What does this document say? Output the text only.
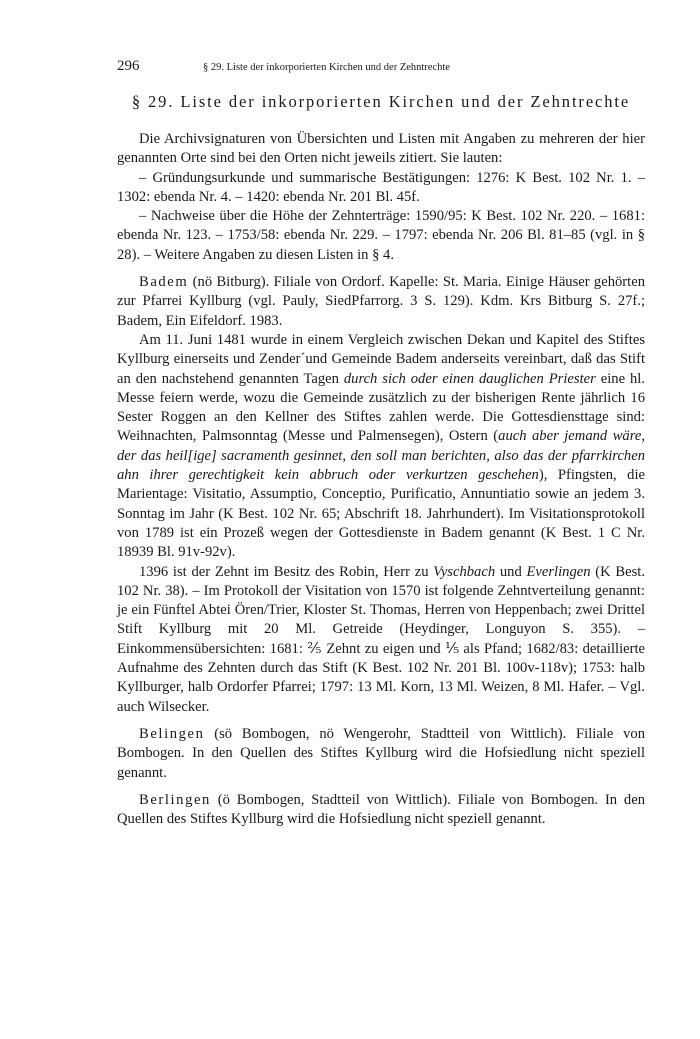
296	§ 29. Liste der inkorporierten Kirchen und der Zehntrechte
§ 29. Liste der inkorporierten Kirchen und der Zehntrechte

Die Archivsignaturen von Übersichten und Listen mit Angaben zu mehreren der hier genannten Orte sind bei den Orten nicht jeweils zitiert. Sie lauten:

– Gründungsurkunde und summarische Bestätigungen: 1276: K Best. 102 Nr. 1. – 1302: ebenda Nr. 4. – 1420: ebenda Nr. 201 Bl. 45f.

– Nachweise über die Höhe der Zehnterträge: 1590/95: K Best. 102 Nr. 220. – 1681: ebenda Nr. 123. – 1753/58: ebenda Nr. 229. – 1797: ebenda Nr. 206 Bl. 81–85 (vgl. in § 28). – Weitere Angaben zu diesen Listen in § 4.

Badem (nö Bitburg). Filiale von Ordorf. Kapelle: St. Maria. Einige Häuser gehörten zur Pfarrei Kyllburg (vgl. Pauly, SiedPfarrorg. 3 S. 129). Kdm. Krs Bitburg S. 27f.; Badem, Ein Eifeldorf. 1983.

Am 11. Juni 1481 wurde in einem Vergleich zwischen Dekan und Kapitel des Stiftes Kyllburg einerseits und Zender´und Gemeinde Badem anderseits vereinbart, daß das Stift an den nachstehend genannten Tagen durch sich oder einen dauglichen Priester eine hl. Messe feiern werde, wozu die Gemeinde zusätzlich zu der bisherigen Rente jährlich 16 Sester Roggen an den Kellner des Stiftes zahlen werde. Die Gottesdiensttage sind: Weihnachten, Palmsonntag (Messe und Palmensegen), Ostern (auch aber jemand wäre, der das heil[ige] sacramenth gesinnet, den soll man berichten, also das der pfarrkirchen ahn ihrer gerechtigkeit kein abbruch oder verkurtzen geschehen), Pfingsten, die Marientage: Visitatio, Assumptio, Conceptio, Purificatio, Annuntiatio sowie an jedem 3. Sonntag im Jahr (K Best. 102 Nr. 65; Abschrift 18. Jahrhundert). Im Visitationsprotokoll von 1789 ist ein Prozeß wegen der Gottesdienste in Badem genannt (K Best. 1 C Nr. 18939 Bl. 91v-92v).

1396 ist der Zehnt im Besitz des Robin, Herr zu Vyschbach und Everlingen (K Best. 102 Nr. 38). – Im Protokoll der Visitation von 1570 ist folgende Zehntverteilung genannt: je ein Fünftel Abtei Ören/Trier, Kloster St. Thomas, Herren von Heppenbach; zwei Drittel Stift Kyllburg mit 20 Ml. Getreide (Heydinger, Longuyon S. 355). – Einkommensübersichten: 1681: ⅖ Zehnt zu eigen und ⅕ als Pfand; 1682/83: detaillierte Aufnahme des Zehnten durch das Stift (K Best. 102 Nr. 201 Bl. 100v-118v); 1753: halb Kyllburger, halb Ordorfer Pfarrei; 1797: 13 Ml. Korn, 13 Ml. Weizen, 8 Ml. Hafer. – Vgl. auch Wilsecker.

Belingen (sö Bombogen, nö Wengerohr, Stadtteil von Wittlich). Filiale von Bombogen. In den Quellen des Stiftes Kyllburg wird die Hofsiedlung nicht speziell genannt.

Berlingen (ö Bombogen, Stadtteil von Wittlich). Filiale von Bombogen. In den Quellen des Stiftes Kyllburg wird die Hofsiedlung nicht speziell genannt.
